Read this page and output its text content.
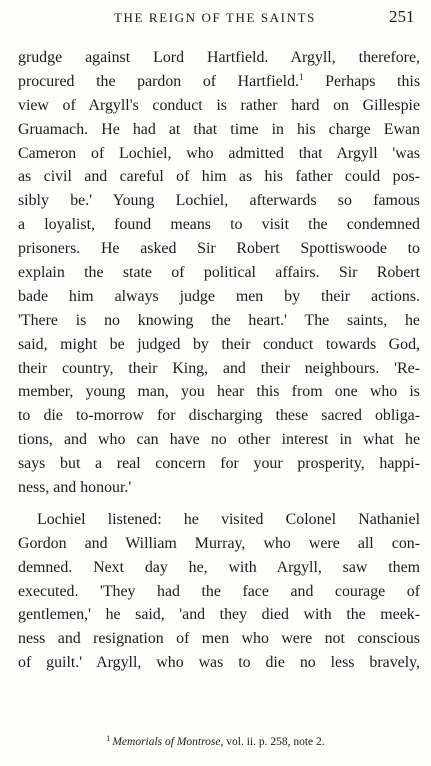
THE REIGN OF THE SAINTS	251
grudge against Lord Hartfield. Argyll, therefore,
procured the pardon of Hartfield.$^1$ Perhaps this
view of Argyll's conduct is rather hard on Gillespie
Gruamach. He had at that time in his charge Ewan
Cameron of Lochiel, who admitted that Argyll 'was
as civil and careful of him as his father could pos-
sibly be.' Young Lochiel, afterwards so famous
a loyalist, found means to visit the condemned
prisoners. He asked Sir Robert Spottiswoode to
explain the state of political affairs. Sir Robert
bade him always judge men by their actions.
'There is no knowing the heart.' The saints, he
said, might be judged by their conduct towards God,
their country, their King, and their neighbours. 'Re-
member, young man, you hear this from one who is
to die to-morrow for discharging these sacred obliga-
tions, and who can have no other interest in what he
says but a real concern for your prosperity, happi-
ness, and honour.'
Lochiel listened: he visited Colonel Nathaniel
Gordon and William Murray, who were all con-
demned. Next day he, with Argyll, saw them
executed. 'They had the face and courage of
gentlemen,' he said, 'and they died with the meek-
ness and resignation of men who were not conscious
of guilt.' Argyll, who was to die no less bravely,
$^1$ Memorials of Montrose, vol. ii. p. 258, note 2.
